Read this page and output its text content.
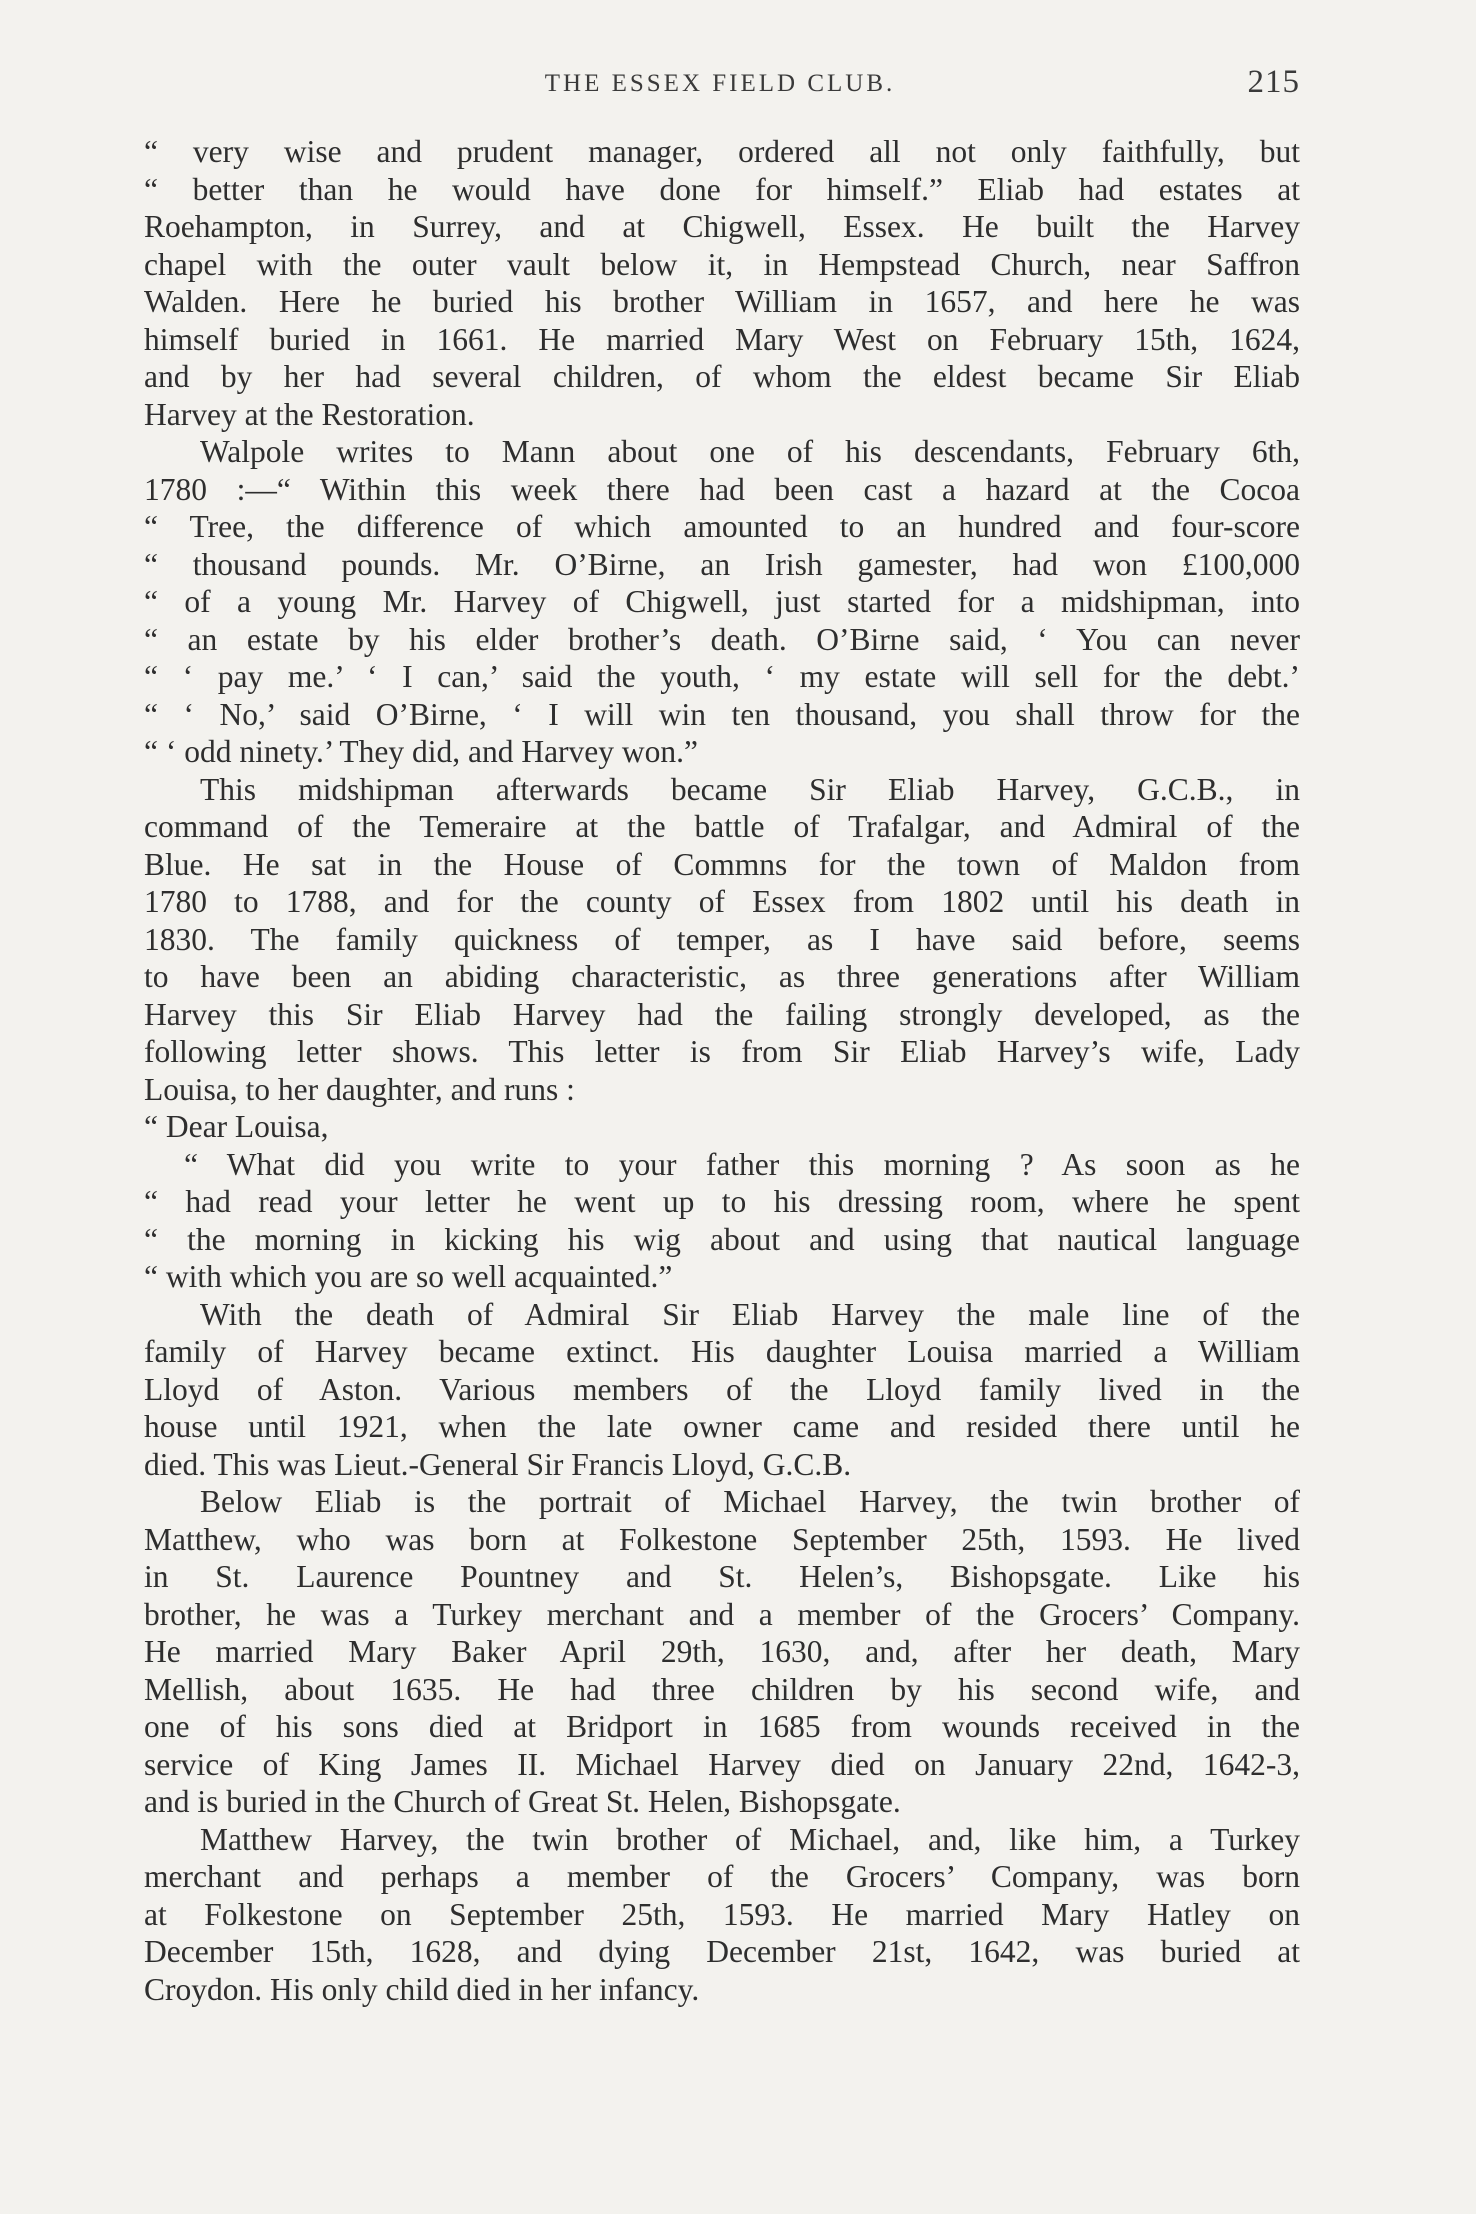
THE ESSEX FIELD CLUB.	215
“ very wise and prudent manager, ordered all not only faithfully, but
“ better than he would have done for himself.” Eliab had estates at
Roehampton, in Surrey, and at Chigwell, Essex. He built the Harvey
chapel with the outer vault below it, in Hempstead Church, near Saffron
Walden. Here he buried his brother William in 1657, and here he was
himself buried in 1661. He married Mary West on February 15th, 1624,
and by her had several children, of whom the eldest became Sir Eliab
Harvey at the Restoration.
Walpole writes to Mann about one of his descendants, February 6th,
1780 :—“ Within this week there had been cast a hazard at the Cocoa
“ Tree, the difference of which amounted to an hundred and four-score
“ thousand pounds. Mr. O’Birne, an Irish gamester, had won £100,000
“ of a young Mr. Harvey of Chigwell, just started for a midshipman, into
“ an estate by his elder brother’s death. O’Birne said, ‘ You can never
“ ‘ pay me.’ ‘ I can,’ said the youth, ‘ my estate will sell for the debt.’
“ ‘ No,’ said O’Birne, ‘ I will win ten thousand, you shall throw for the
“ ‘ odd ninety.’ They did, and Harvey won.”
This midshipman afterwards became Sir Eliab Harvey, G.C.B., in
command of the Temeraire at the battle of Trafalgar, and Admiral of the
Blue. He sat in the House of Commns for the town of Maldon from
1780 to 1788, and for the county of Essex from 1802 until his death in
1830. The family quickness of temper, as I have said before, seems
to have been an abiding characteristic, as three generations after William
Harvey this Sir Eliab Harvey had the failing strongly developed, as the
following letter shows. This letter is from Sir Eliab Harvey’s wife, Lady
Louisa, to her daughter, and runs :
“ Dear Louisa,
“ What did you write to your father this morning ? As soon as he
“ had read your letter he went up to his dressing room, where he spent
“ the morning in kicking his wig about and using that nautical language
“ with which you are so well acquainted.”
With the death of Admiral Sir Eliab Harvey the male line of the
family of Harvey became extinct. His daughter Louisa married a William
Lloyd of Aston. Various members of the Lloyd family lived in the
house until 1921, when the late owner came and resided there until he
died. This was Lieut.-General Sir Francis Lloyd, G.C.B.
Below Eliab is the portrait of Michael Harvey, the twin brother of
Matthew, who was born at Folkestone September 25th, 1593. He lived
in St. Laurence Pountney and St. Helen’s, Bishopsgate. Like his
brother, he was a Turkey merchant and a member of the Grocers’ Company.
He married Mary Baker April 29th, 1630, and, after her death, Mary
Mellish, about 1635. He had three children by his second wife, and
one of his sons died at Bridport in 1685 from wounds received in the
service of King James II. Michael Harvey died on January 22nd, 1642-3,
and is buried in the Church of Great St. Helen, Bishopsgate.
Matthew Harvey, the twin brother of Michael, and, like him, a Turkey
merchant and perhaps a member of the Grocers’ Company, was born
at Folkestone on September 25th, 1593. He married Mary Hatley on
December 15th, 1628, and dying December 21st, 1642, was buried at
Croydon. His only child died in her infancy.
